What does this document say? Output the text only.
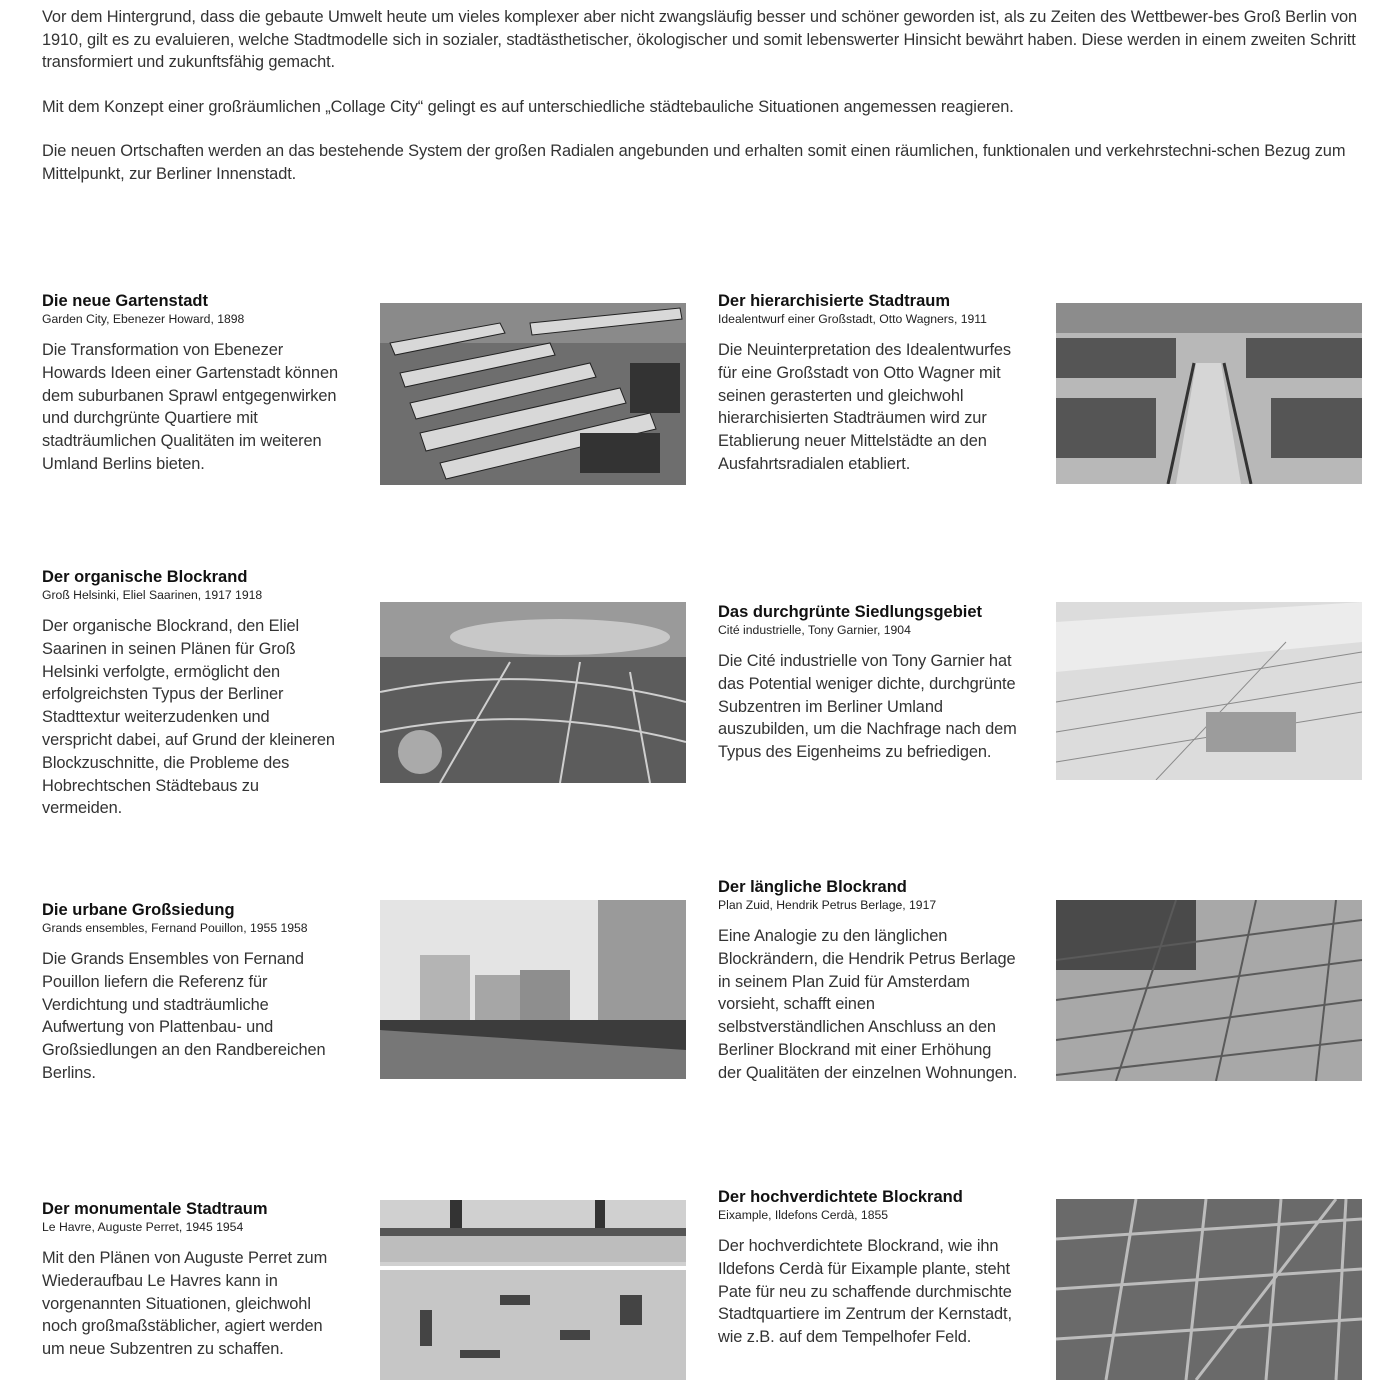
Vor dem Hintergrund, dass die gebaute Umwelt heute um vieles komplexer aber nicht zwangsläufig besser und schöner geworden ist, als zu Zeiten des Wettbewer-bes Groß Berlin von 1910, gilt es zu evaluieren, welche Stadtmodelle sich in sozialer, stadtästhetischer, ökologischer und somit lebenswerter Hinsicht bewährt haben. Diese werden in einem zweiten Schritt transformiert und zukunftsfähig gemacht.

Mit dem Konzept einer großräumlichen „Collage City“ gelingt es auf unterschiedliche städtebauliche Situationen angemessen reagieren.

Die neuen Ortschaften werden an das bestehende System der großen Radialen angebunden und erhalten somit einen räumlichen, funktionalen und verkehrstechni-schen Bezug zum Mittelpunkt, zur Berliner Innenstadt.

Die neue Gartenstadt
Garden City, Ebenezer Howard, 1898
Die Transformation von Ebenezer Howards Ideen einer Gartenstadt können dem suburbanen Sprawl entgegenwirken und durchgrünte Quartiere mit stadträumlichen Qualitäten im weiteren Umland Berlins bieten.
Der hierarchisierte Stadtraum
Idealentwurf einer Großstadt, Otto Wagners, 1911
Die Neuinterpretation des Idealentwurfes für eine Großstadt von Otto Wagner mit seinen gerasterten und gleichwohl hierarchisierten Stadträumen wird zur Etablierung neuer Mittelstädte an den Ausfahrtsradialen etabliert.
Der organische Blockrand
Groß Helsinki, Eliel Saarinen, 1917 1918
Der organische Blockrand, den Eliel Saarinen in seinen Plänen für Groß Helsinki verfolgte, ermöglicht den erfolgreichsten Typus der Berliner Stadttextur weiterzudenken und verspricht dabei, auf Grund der kleineren Blockzuschnitte, die Probleme des Hobrechtschen Städtebaus zu vermeiden.
Das durchgrünte Siedlungsgebiet
Cité industrielle, Tony Garnier, 1904
Die Cité industrielle von Tony Garnier hat das Potential weniger dichte, durchgrünte Subzentren im Berliner Umland auszubilden, um die Nachfrage nach dem Typus des Eigenheims zu befriedigen.
Die urbane Großsiedung
Grands ensembles, Fernand Pouillon, 1955 1958
Die Grands Ensembles von Fernand Pouillon liefern die Referenz für Verdichtung und stadträumliche Aufwertung von Plattenbau- und Großsiedlungen an den Randbereichen Berlins.
Der längliche Blockrand
Plan Zuid, Hendrik Petrus Berlage, 1917
Eine Analogie zu den länglichen Blockrändern, die Hendrik Petrus Berlage in seinem Plan Zuid für Amsterdam vorsieht, schafft einen selbstverständlichen Anschluss an den Berliner Blockrand mit einer Erhöhung der Qualitäten der einzelnen Wohnungen.
Der monumentale Stadtraum
Le Havre, Auguste Perret, 1945 1954
Mit den Plänen von Auguste Perret zum Wiederaufbau Le Havres kann in vorgenannten Situationen, gleichwohl noch großmaßstäblicher, agiert werden um neue Subzentren zu schaffen.
Der hochverdichtete Blockrand
Eixample, Ildefons Cerdà, 1855
Der hochverdichtete Blockrand, wie ihn Ildefons Cerdà für Eixample plante, steht Pate für neu zu schaffende durchmischte Stadtquartiere im Zentrum der Kernstadt, wie z.B. auf dem Tempelhofer Feld.
